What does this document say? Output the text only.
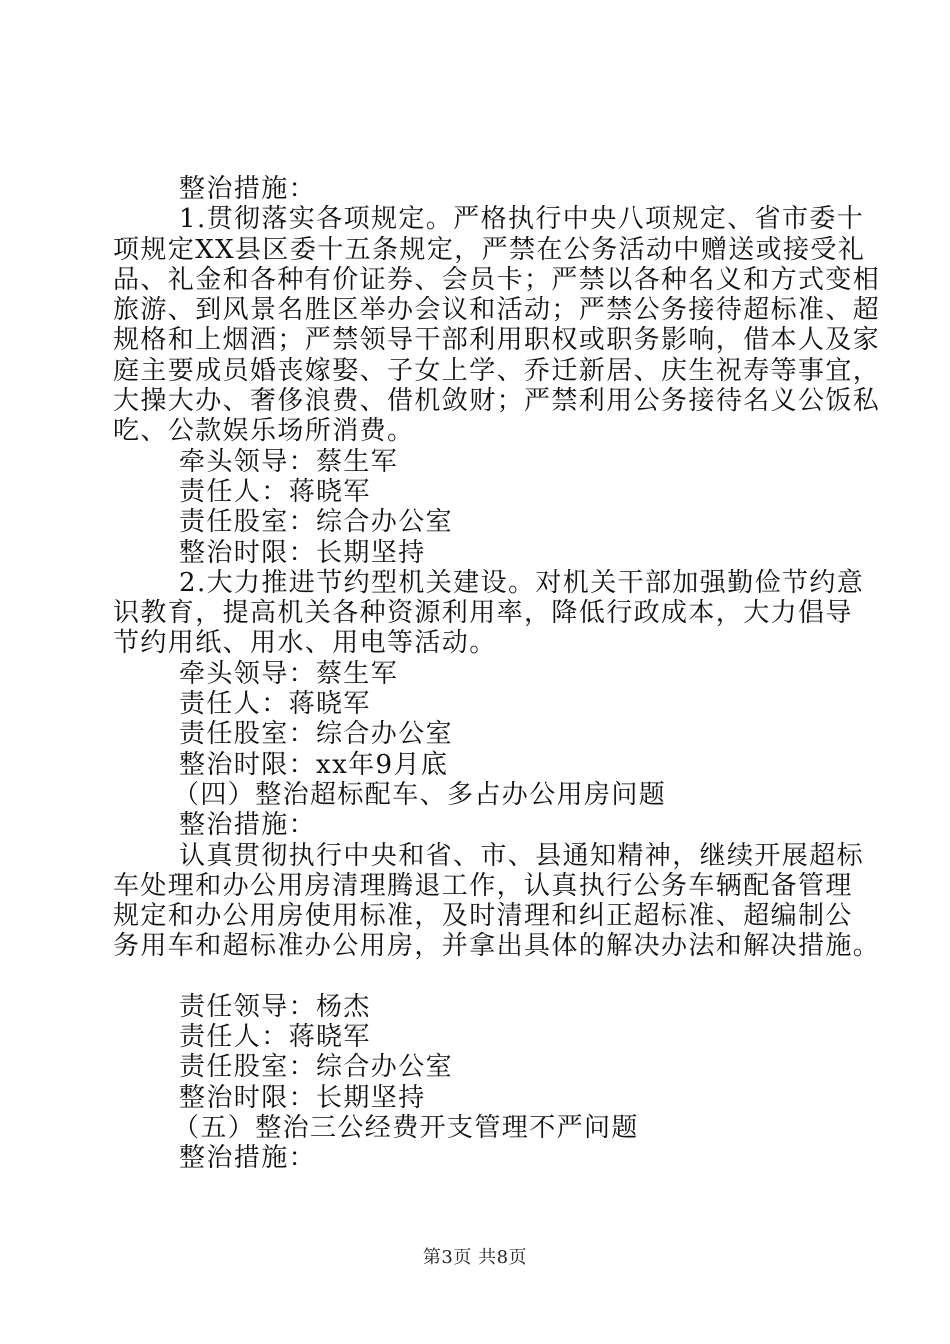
整治措施：
1.贯彻落实各项规定。严格执行中央八项规定、省市委十
项规定XX县区委十五条规定，严禁在公务活动中赠送或接受礼
品、礼金和各种有价证券、会员卡；严禁以各种名义和方式变相
旅游、到风景名胜区举办会议和活动；严禁公务接待超标准、超
规格和上烟酒；严禁领导干部利用职权或职务影响，借本人及家
庭主要成员婚丧嫁娶、子女上学、乔迁新居、庆生祝寿等事宜，
大操大办、奢侈浪费、借机敛财；严禁利用公务接待名义公饭私
吃、公款娱乐场所消费。
牵头领导：蔡生军
责任人：蒋晓军
责任股室：综合办公室
整治时限：长期坚持
2.大力推进节约型机关建设。对机关干部加强勤俭节约意
识教育，提高机关各种资源利用率，降低行政成本，大力倡导
节约用纸、用水、用电等活动。
牵头领导：蔡生军
责任人：蒋晓军
责任股室：综合办公室
整治时限：xx年9月底
（四）整治超标配车、多占办公用房问题
整治措施：
认真贯彻执行中央和省、市、县通知精神，继续开展超标
车处理和办公用房清理腾退工作，认真执行公务车辆配备管理
规定和办公用房使用标准，及时清理和纠正超标准、超编制公
务用车和超标准办公用房，并拿出具体的解决办法和解决措施。
责任领导：杨杰
责任人：蒋晓军
责任股室：综合办公室
整治时限：长期坚持
（五）整治三公经费开支管理不严问题
整治措施：
第3页 共8页
